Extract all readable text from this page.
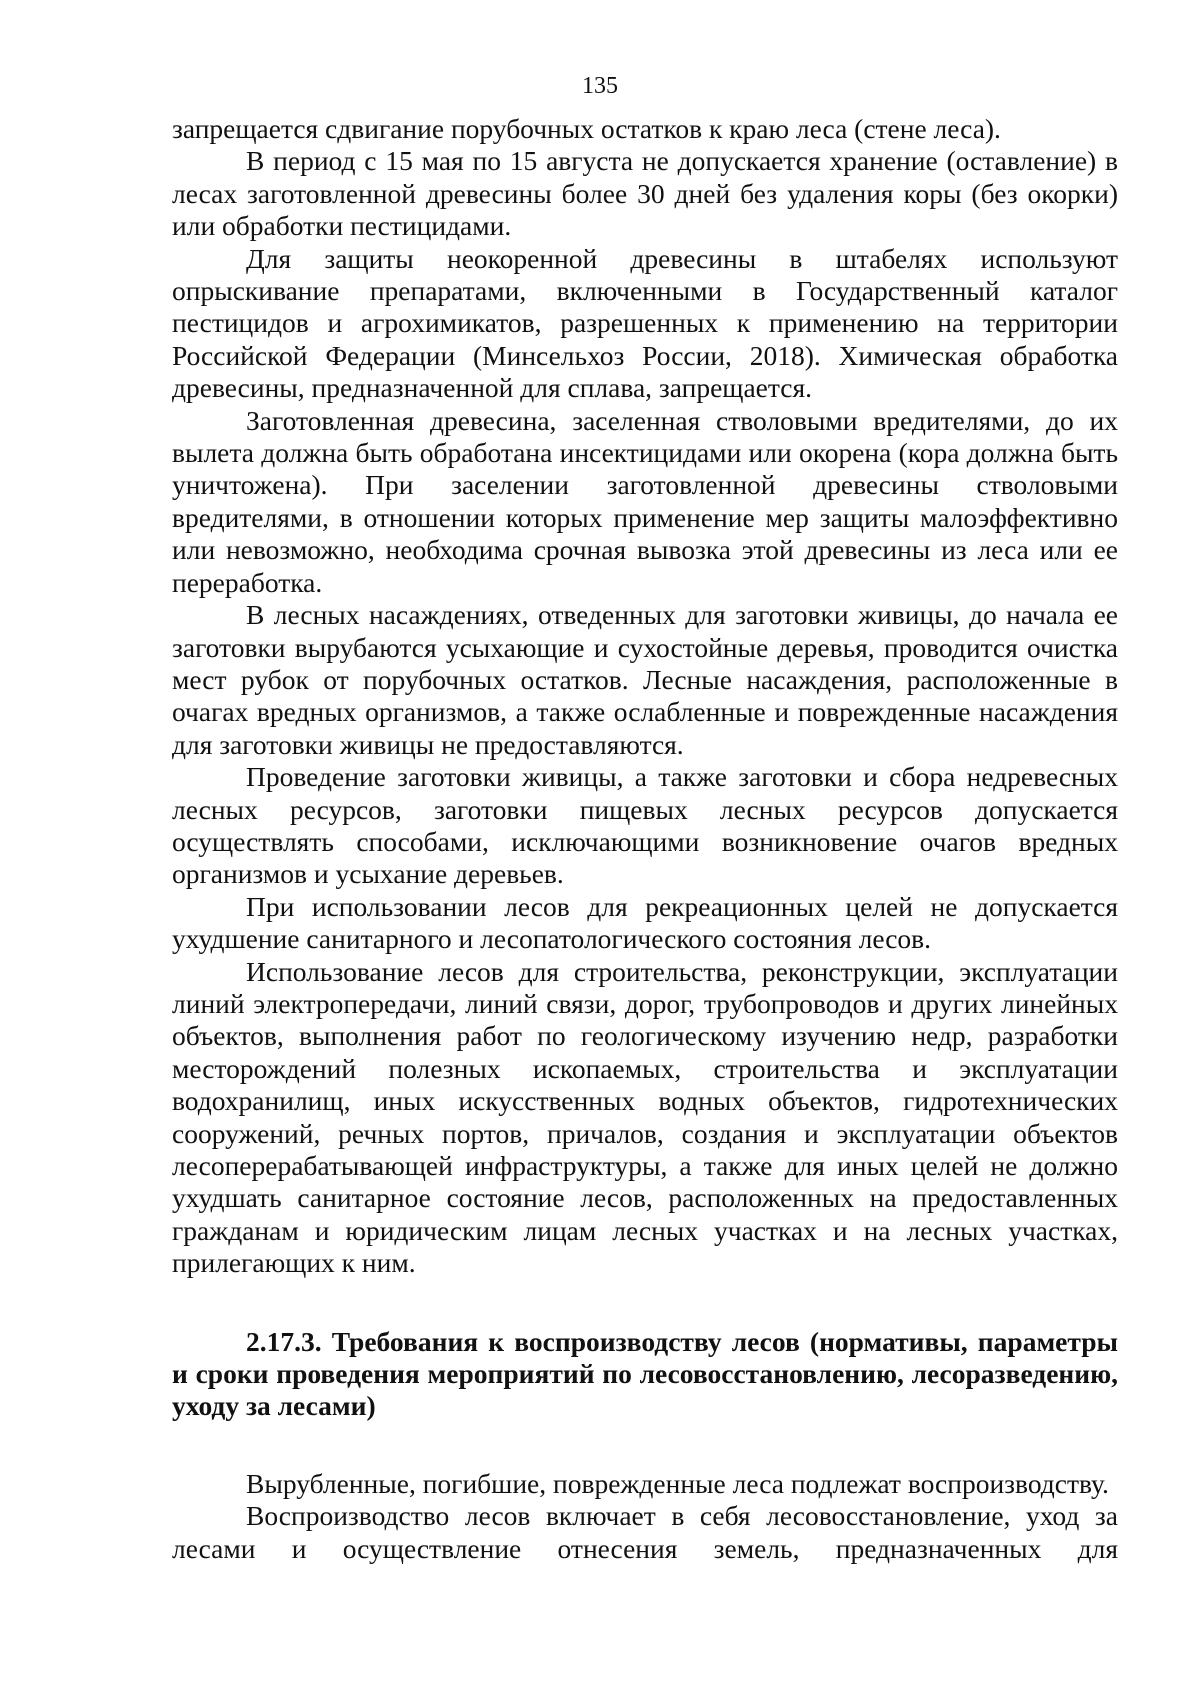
135

запрещается сдвигание порубочных остатков к краю леса (стене леса).

В период с 15 мая по 15 августа не допускается хранение (оставление) в лесах заготовленной древесины более 30 дней без удаления коры (без окорки) или обработки пестицидами.

Для защиты неокоренной древесины в штабелях используют опрыскивание препаратами, включенными в Государственный каталог пестицидов и агрохимикатов, разрешенных к применению на территории Российской Федерации (Минсельхоз России, 2018). Химическая обработка древесины, предназначенной для сплава, запрещается.

Заготовленная древесина, заселенная стволовыми вредителями, до их вылета должна быть обработана инсектицидами или окорена (кора должна быть уничтожена). При заселении заготовленной древесины стволовыми вредителями, в отношении которых применение мер защиты малоэффективно или невозможно, необходима срочная вывозка этой древесины из леса или ее переработка.

В лесных насаждениях, отведенных для заготовки живицы, до начала ее заготовки вырубаются усыхающие и сухостойные деревья, проводится очистка мест рубок от порубочных остатков. Лесные насаждения, расположенные в очагах вредных организмов, а также ослабленные и поврежденные насаждения для заготовки живицы не предоставляются.

Проведение заготовки живицы, а также заготовки и сбора недревесных лесных ресурсов, заготовки пищевых лесных ресурсов допускается осуществлять способами, исключающими возникновение очагов вредных организмов и усыхание деревьев.

При использовании лесов для рекреационных целей не допускается ухудшение санитарного и лесопатологического состояния лесов.

Использование лесов для строительства, реконструкции, эксплуатации линий электропередачи, линий связи, дорог, трубопроводов и других линейных объектов, выполнения работ по геологическому изучению недр, разработки месторождений полезных ископаемых, строительства и эксплуатации водохранилищ, иных искусственных водных объектов, гидротехнических сооружений, речных портов, причалов, создания и эксплуатации объектов лесоперерабатывающей инфраструктуры, а также для иных целей не должно ухудшать санитарное состояние лесов, расположенных на предоставленных гражданам и юридическим лицам лесных участках и на лесных участках, прилегающих к ним.

2.17.3. Требования к воспроизводству лесов (нормативы, параметры и сроки проведения мероприятий по лесовосстановлению, лесоразведению, уходу за лесами)

Вырубленные, погибшие, поврежденные леса подлежат воспроизводству.

Воспроизводство лесов включает в себя лесовосстановление, уход за лесами и осуществление отнесения земель, предназначенных для
